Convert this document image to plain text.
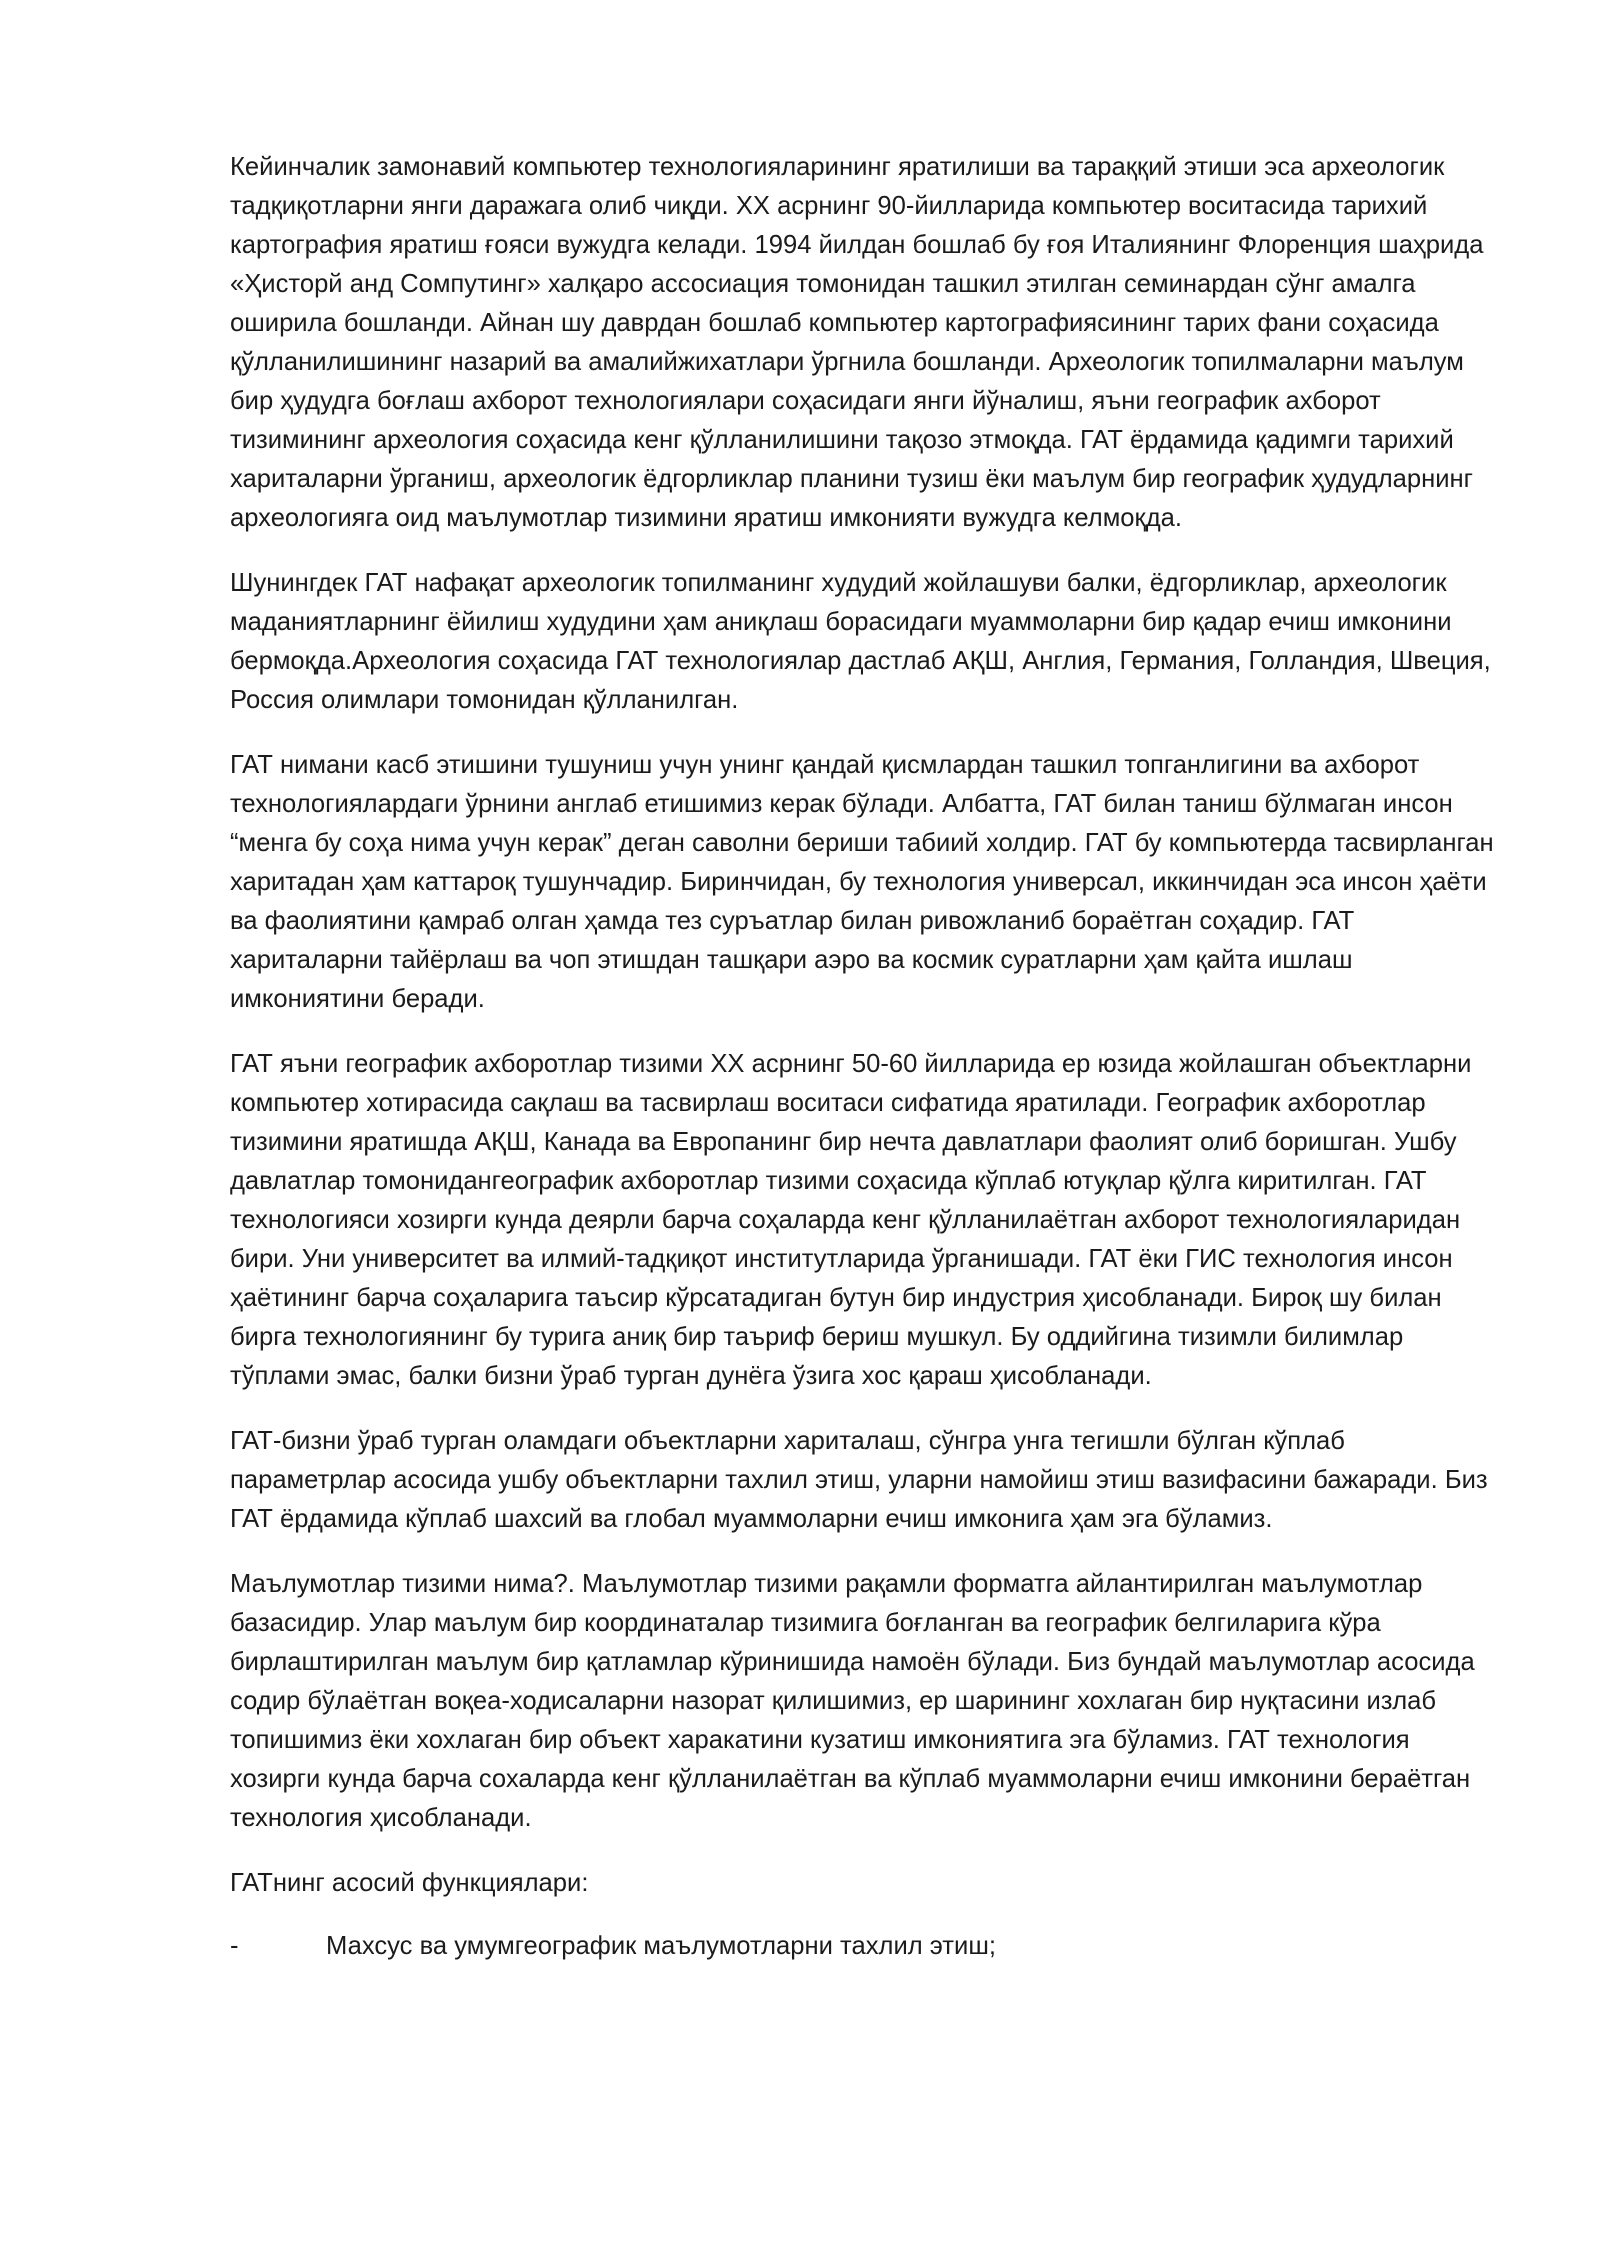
Кейинчалик замонавий компьютер технологияларининг яратилиши ва тараққий этиши эса археологик тадқиқотларни янги даражага олиб чиқди. XX асрнинг 90-йилларида компьютер воситасида тарихий картография яратиш ғояси вужудга келади. 1994 йилдан бошлаб бу ғоя Италиянинг Флоренция шаҳрида «Ҳисторй анд Сомпутинг» халқаро ассосиация томонидан ташкил этилган семинардан сўнг амалга оширила бошланди. Айнан шу даврдан бошлаб компьютер картографиясининг тарих фани соҳасида қўлланилишининг назарий ва амалийжихатлари ўргнила бошланди. Археологик топилмаларни маълум бир ҳудудга боғлаш ахборот технологиялари соҳасидаги янги йўналиш, яъни географик ахборот тизимининг археология соҳасида кенг қўлланилишини тақозо этмоқда. ГАТ ёрдамида қадимги тарихий хариталарни ўрганиш, археологик ёдгорликлар планини тузиш ёки маълум бир географик ҳудудларнинг археологияга оид маълумотлар тизимини яратиш имконияти вужудга келмоқда.

Шунингдек ГАТ нафақат археологик топилманинг худудий жойлашуви балки, ёдгорликлар, археологик маданиятларнинг ёйилиш худудини ҳам аниқлаш борасидаги муаммоларни бир қадар ечиш имконини бермоқда.Археология соҳасида ГАТ технологиялар дастлаб АҚШ, Англия, Германия, Голландия, Швеция, Россия олимлари томонидан қўлланилган.

ГАТ нимани касб этишини тушуниш учун унинг қандай қисмлардан ташкил топганлигини ва ахборот технологиялардаги ўрнини англаб етишимиз керак бўлади. Албатта, ГАТ билан таниш бўлмаган инсон “менга бу соҳа нима учун керак” деган саволни бериши табиий холдир. ГАТ бу компьютерда тасвирланган харитадан ҳам каттароқ тушунчадир. Биринчидан, бу технология универсал, иккинчидан эса инсон ҳаёти ва фаолиятини қамраб олган ҳамда тез суръатлар билан ривожланиб бораётган соҳадир. ГАТ хариталарни тайёрлаш ва чоп этишдан ташқари аэро ва космик суратларни ҳам қайта ишлаш имкониятини беради.

ГАТ яъни географик ахборотлар тизими XX асрнинг 50-60 йилларида ер юзида жойлашган объектларни компьютер хотирасида сақлаш ва тасвирлаш воситаси сифатида яратилади. Географик ахборотлар тизимини яратишда АҚШ, Канада ва Европанинг бир нечта давлатлари фаолият олиб боришган. Ушбу давлатлар томонидангеографик ахборотлар тизими соҳасида кўплаб ютуқлар қўлга киритилган. ГАТ технологияси хозирги кунда деярли барча соҳаларда кенг қўлланилаётган ахборот технологияларидан бири. Уни университет ва илмий-тадқиқот институтларида ўрганишади. ГАТ ёки ГИС технология инсон ҳаётининг барча соҳаларига таъсир кўрсатадиган бутун бир индустрия ҳисобланади. Бироқ шу билан бирга технологиянинг бу турига аниқ бир таъриф бериш мушкул. Бу оддийгина тизимли билимлар тўплами эмас, балки бизни ўраб турган дунёга ўзига хос қараш ҳисобланади.

ГАТ-бизни ўраб турган оламдаги объектларни хариталаш, сўнгра унга тегишли бўлган кўплаб параметрлар асосида ушбу объектларни тахлил этиш, уларни намойиш этиш вазифасини бажаради. Биз ГАТ ёрдамида кўплаб шахсий ва глобал муаммоларни ечиш имконига ҳам эга бўламиз.

Маълумотлар тизими нима?. Маълумотлар тизими рақамли форматга айлантирилган маълумотлар базасидир. Улар маълум бир координаталар тизимига боғланган ва географик белгиларига кўра бирлаштирилган маълум бир қатламлар кўринишида намоён бўлади. Биз бундай маълумотлар асосида содир бўлаётган воқеа-ходисаларни назорат қилишимиз, ер шарининг хохлаган бир нуқтасини излаб топишимиз ёки хохлаган бир объект харакатини кузатиш имкониятига эга бўламиз. ГАТ технология хозирги кунда барча сохаларда кенг қўлланилаётган ва кўплаб муаммоларни ечиш имконини бераётган технология ҳисобланади.

ГАТнинг асосий функциялари:

-	Махсус ва умумгеографик маълумотларни тахлил этиш;
